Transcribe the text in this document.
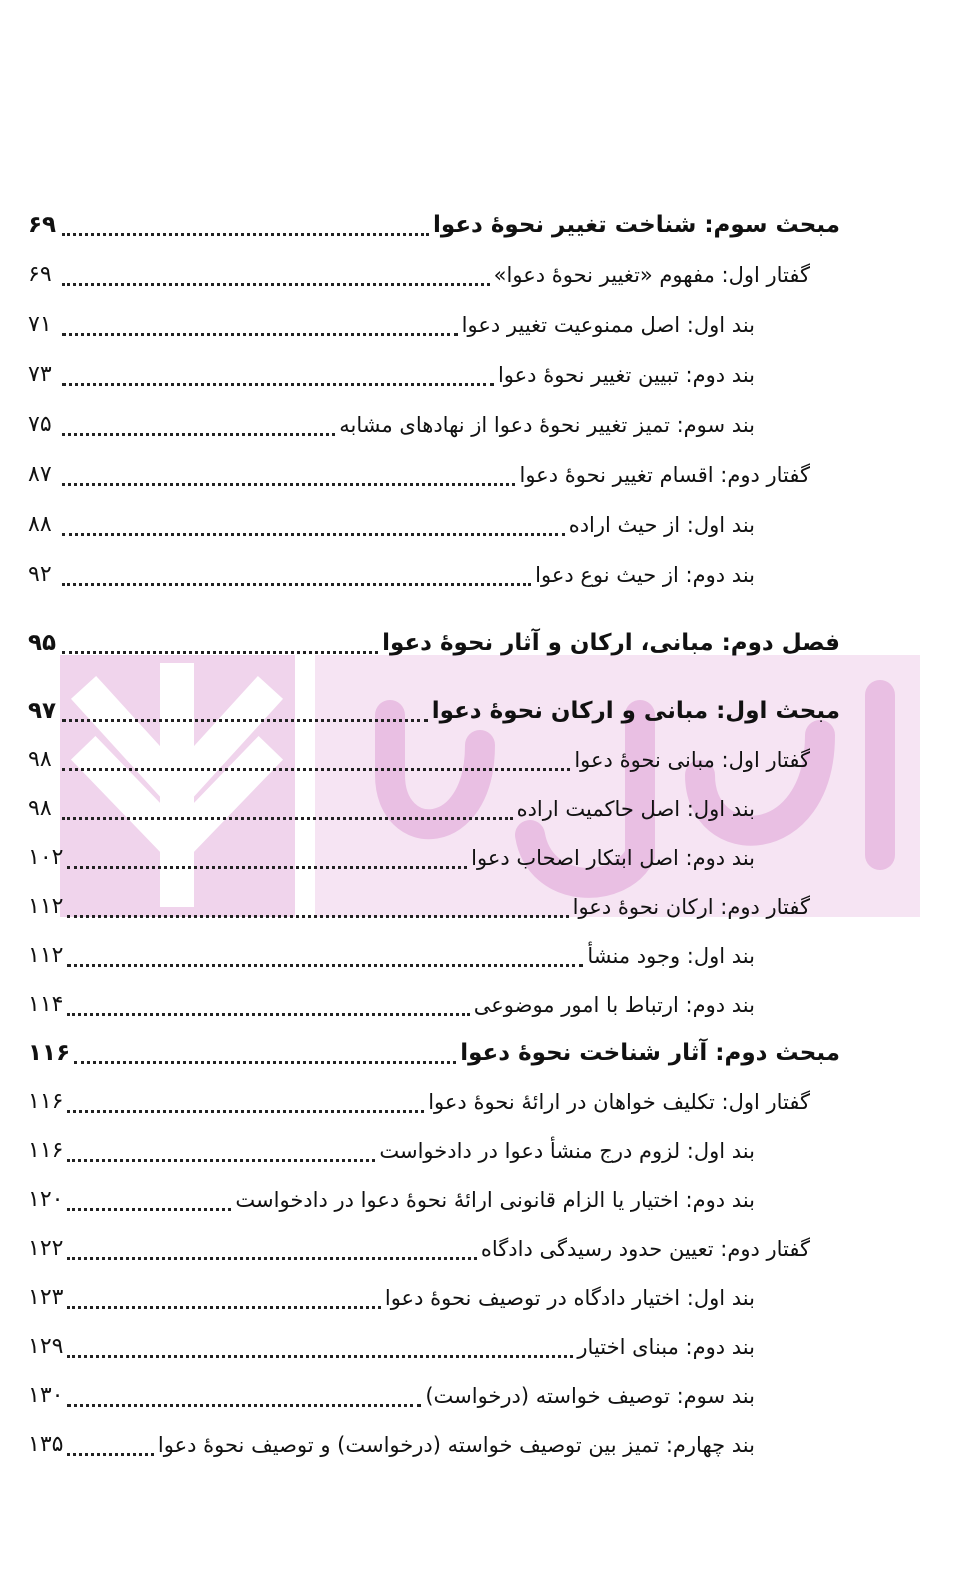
مبحث سوم: شناخت تغییر نحوهٔ دعوا
۶۹
گفتار اول: مفهوم «تغییر نحوهٔ دعوا»
۶۹
بند اول: اصل ممنوعیت تغییر دعوا
۷۱
بند دوم: تبیین تغییر نحوهٔ دعوا
۷۳
بند سوم: تمیز تغییر نحوهٔ دعوا از نهادهای مشابه
۷۵
گفتار دوم: اقسام تغییر نحوهٔ دعوا
۸۷
بند اول: از حیث اراده
۸۸
بند دوم: از حیث نوع دعوا
۹۲
فصل دوم: مبانی، ارکان و آثار نحوهٔ دعوا
۹۵
مبحث اول: مبانی و ارکان نحوهٔ دعوا
۹۷
گفتار اول: مبانی نحوهٔ دعوا
۹۸
بند اول: اصل حاکمیت اراده
۹۸
بند دوم: اصل ابتکار اصحاب دعوا
۱۰۲
گفتار دوم: ارکان نحوهٔ دعوا
۱۱۲
بند اول: وجود منشأ
۱۱۲
بند دوم: ارتباط با امور موضوعی
۱۱۴
مبحث دوم: آثار شناخت نحوهٔ دعوا
۱۱۶
گفتار اول: تکلیف خواهان در ارائهٔ نحوهٔ دعوا
۱۱۶
بند اول: لزوم درج منشأ دعوا در دادخواست
۱۱۶
بند دوم: اختیار یا الزام قانونی ارائهٔ نحوهٔ دعوا در دادخواست
۱۲۰
گفتار دوم: تعیین حدود رسیدگی دادگاه
۱۲۲
بند اول: اختیار دادگاه در توصیف نحوهٔ دعوا
۱۲۳
بند دوم: مبنای اختیار
۱۲۹
بند سوم: توصیف خواسته (درخواست)
۱۳۰
بند چهارم: تمیز بین توصیف خواسته (درخواست) و توصیف نحوهٔ دعوا
۱۳۵
